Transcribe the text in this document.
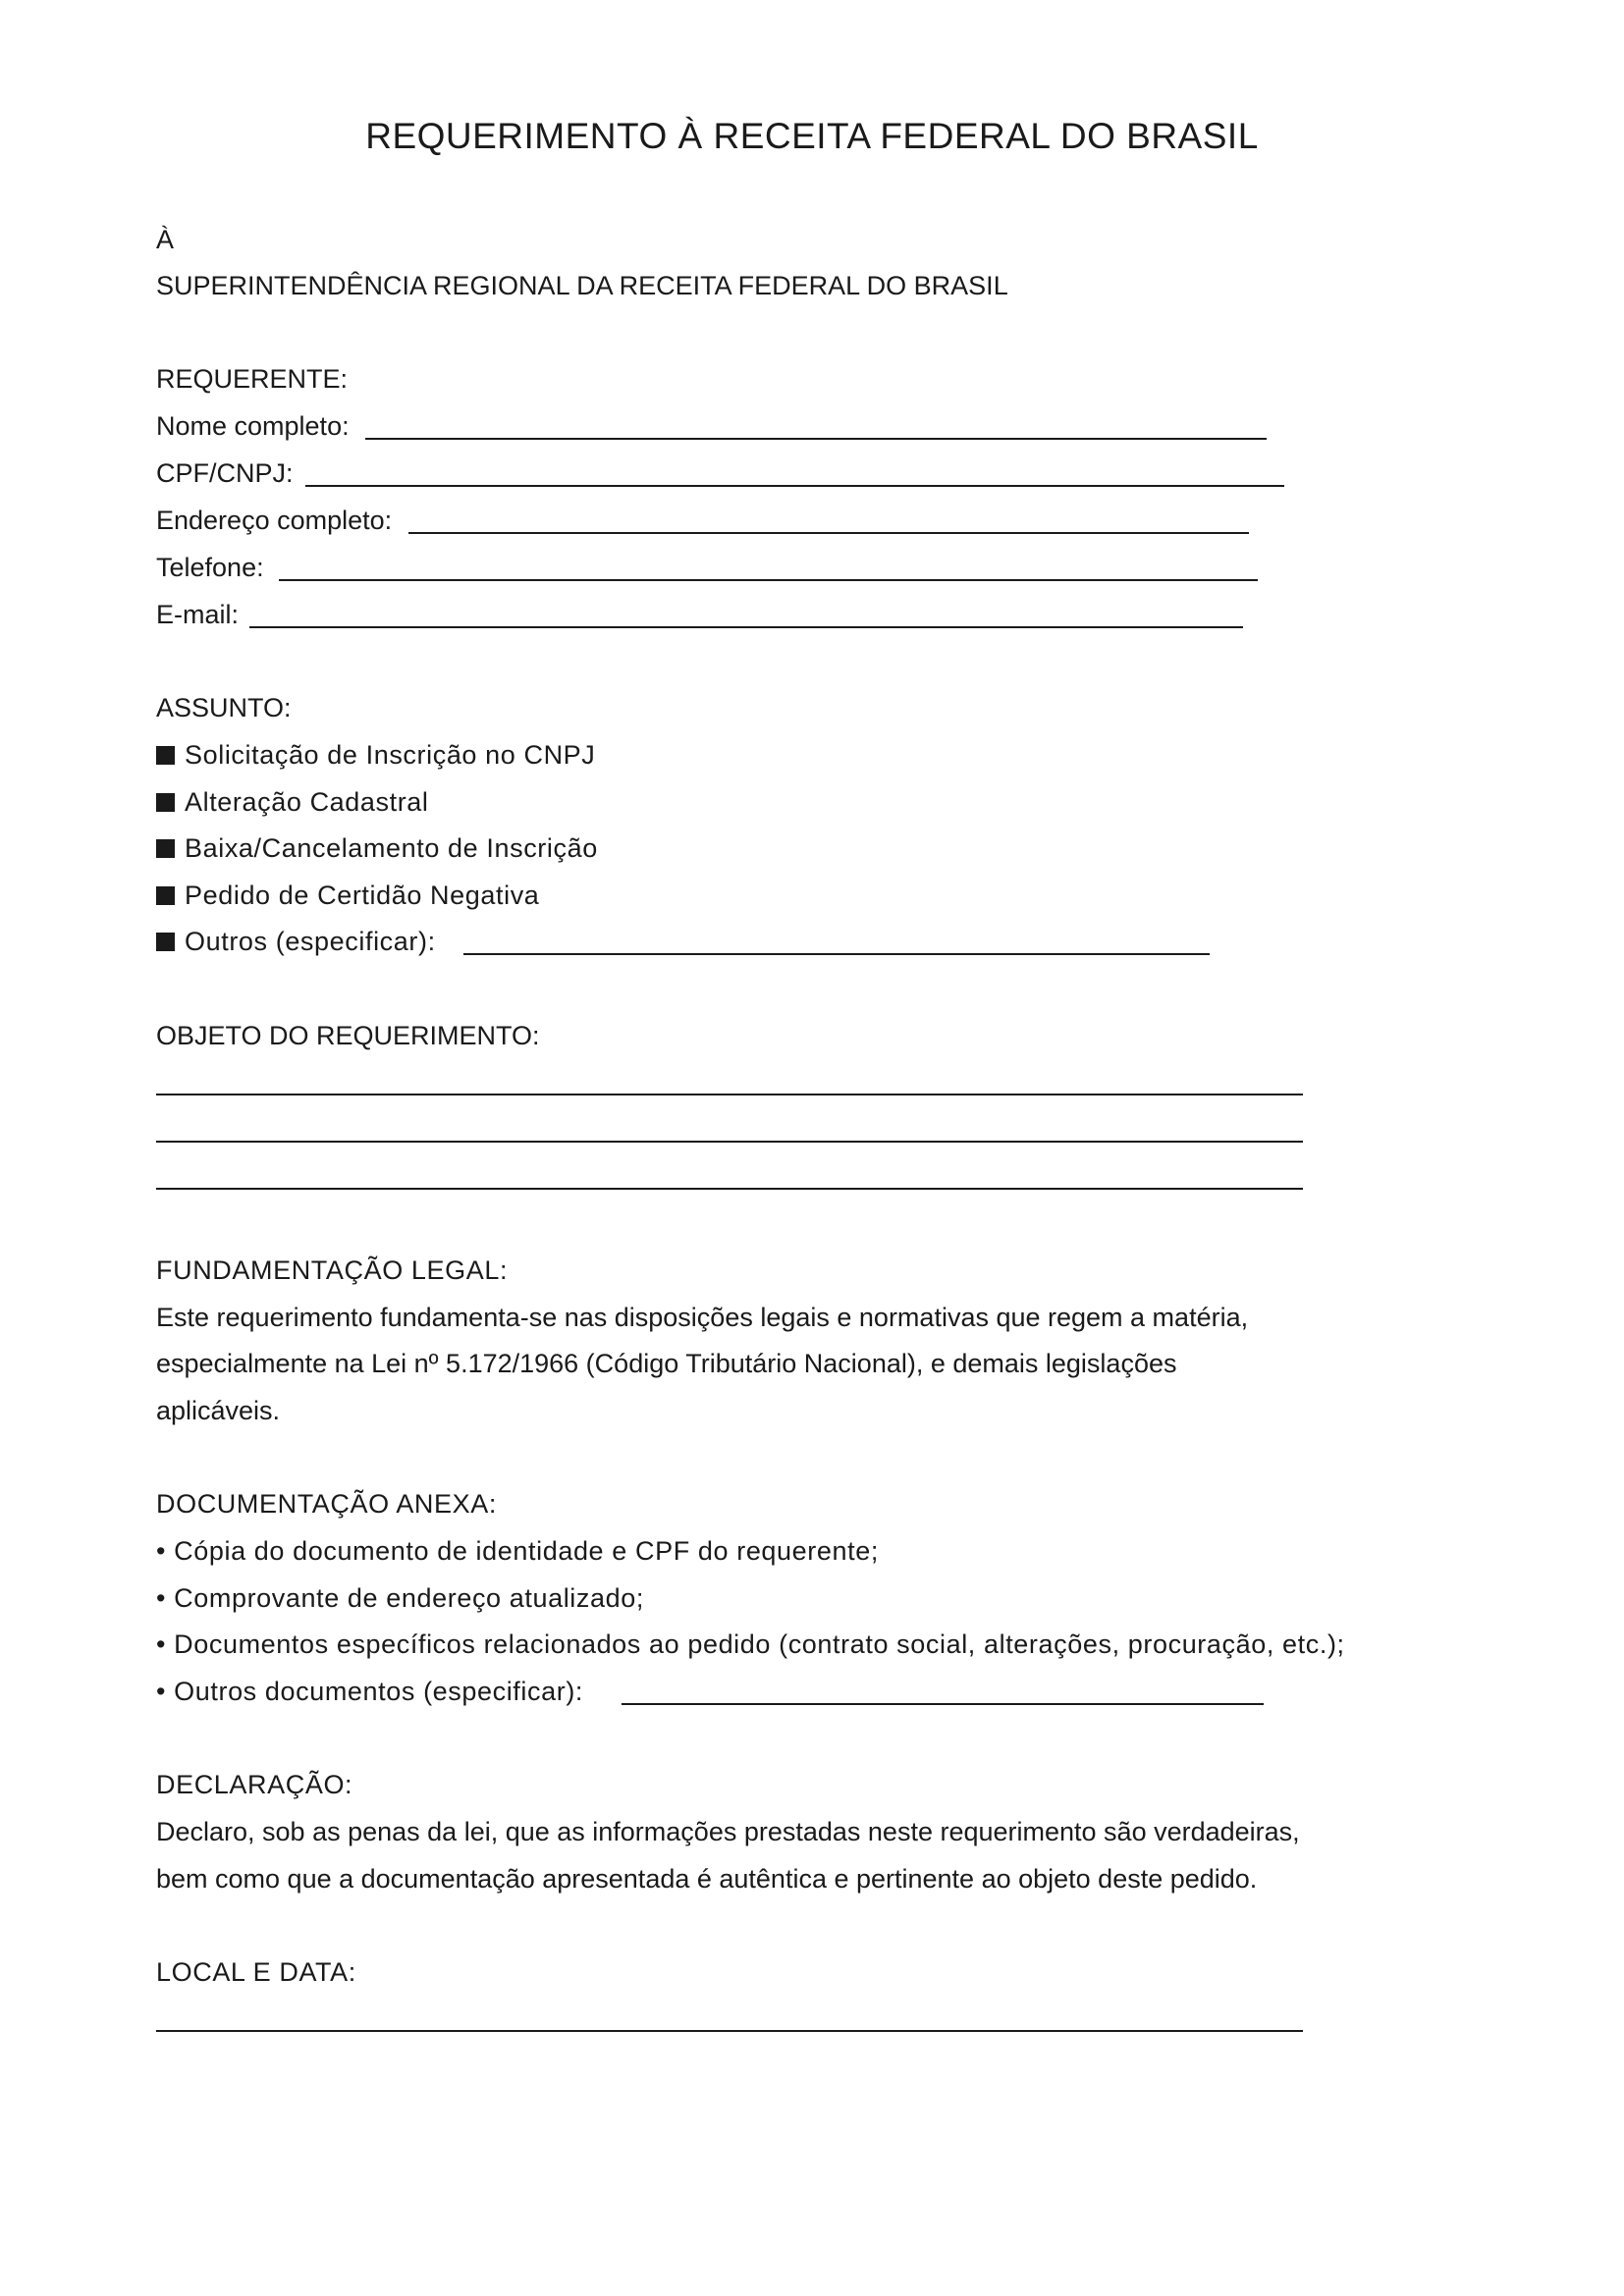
REQUERIMENTO À RECEITA FEDERAL DO BRASIL
À
SUPERINTENDÊNCIA REGIONAL DA RECEITA FEDERAL DO BRASIL
REQUERENTE:
Nome completo:
CPF/CNPJ:
Endereço completo:
Telefone:
E-mail:
ASSUNTO:
Solicitação de Inscrição no CNPJ
Alteração Cadastral
Baixa/Cancelamento de Inscrição
Pedido de Certidão Negativa
Outros (especificar):
OBJETO DO REQUERIMENTO:
FUNDAMENTAÇÃO LEGAL:
Este requerimento fundamenta-se nas disposições legais e normativas que regem a matéria,
especialmente na Lei nº 5.172/1966 (Código Tributário Nacional), e demais legislações
aplicáveis.
DOCUMENTAÇÃO ANEXA:
• Cópia do documento de identidade e CPF do requerente;
• Comprovante de endereço atualizado;
• Documentos específicos relacionados ao pedido (contrato social, alterações, procuração, etc.);
• Outros documentos (especificar):
DECLARAÇÃO:
Declaro, sob as penas da lei, que as informações prestadas neste requerimento são verdadeiras,
bem como que a documentação apresentada é autêntica e pertinente ao objeto deste pedido.
LOCAL E DATA:
